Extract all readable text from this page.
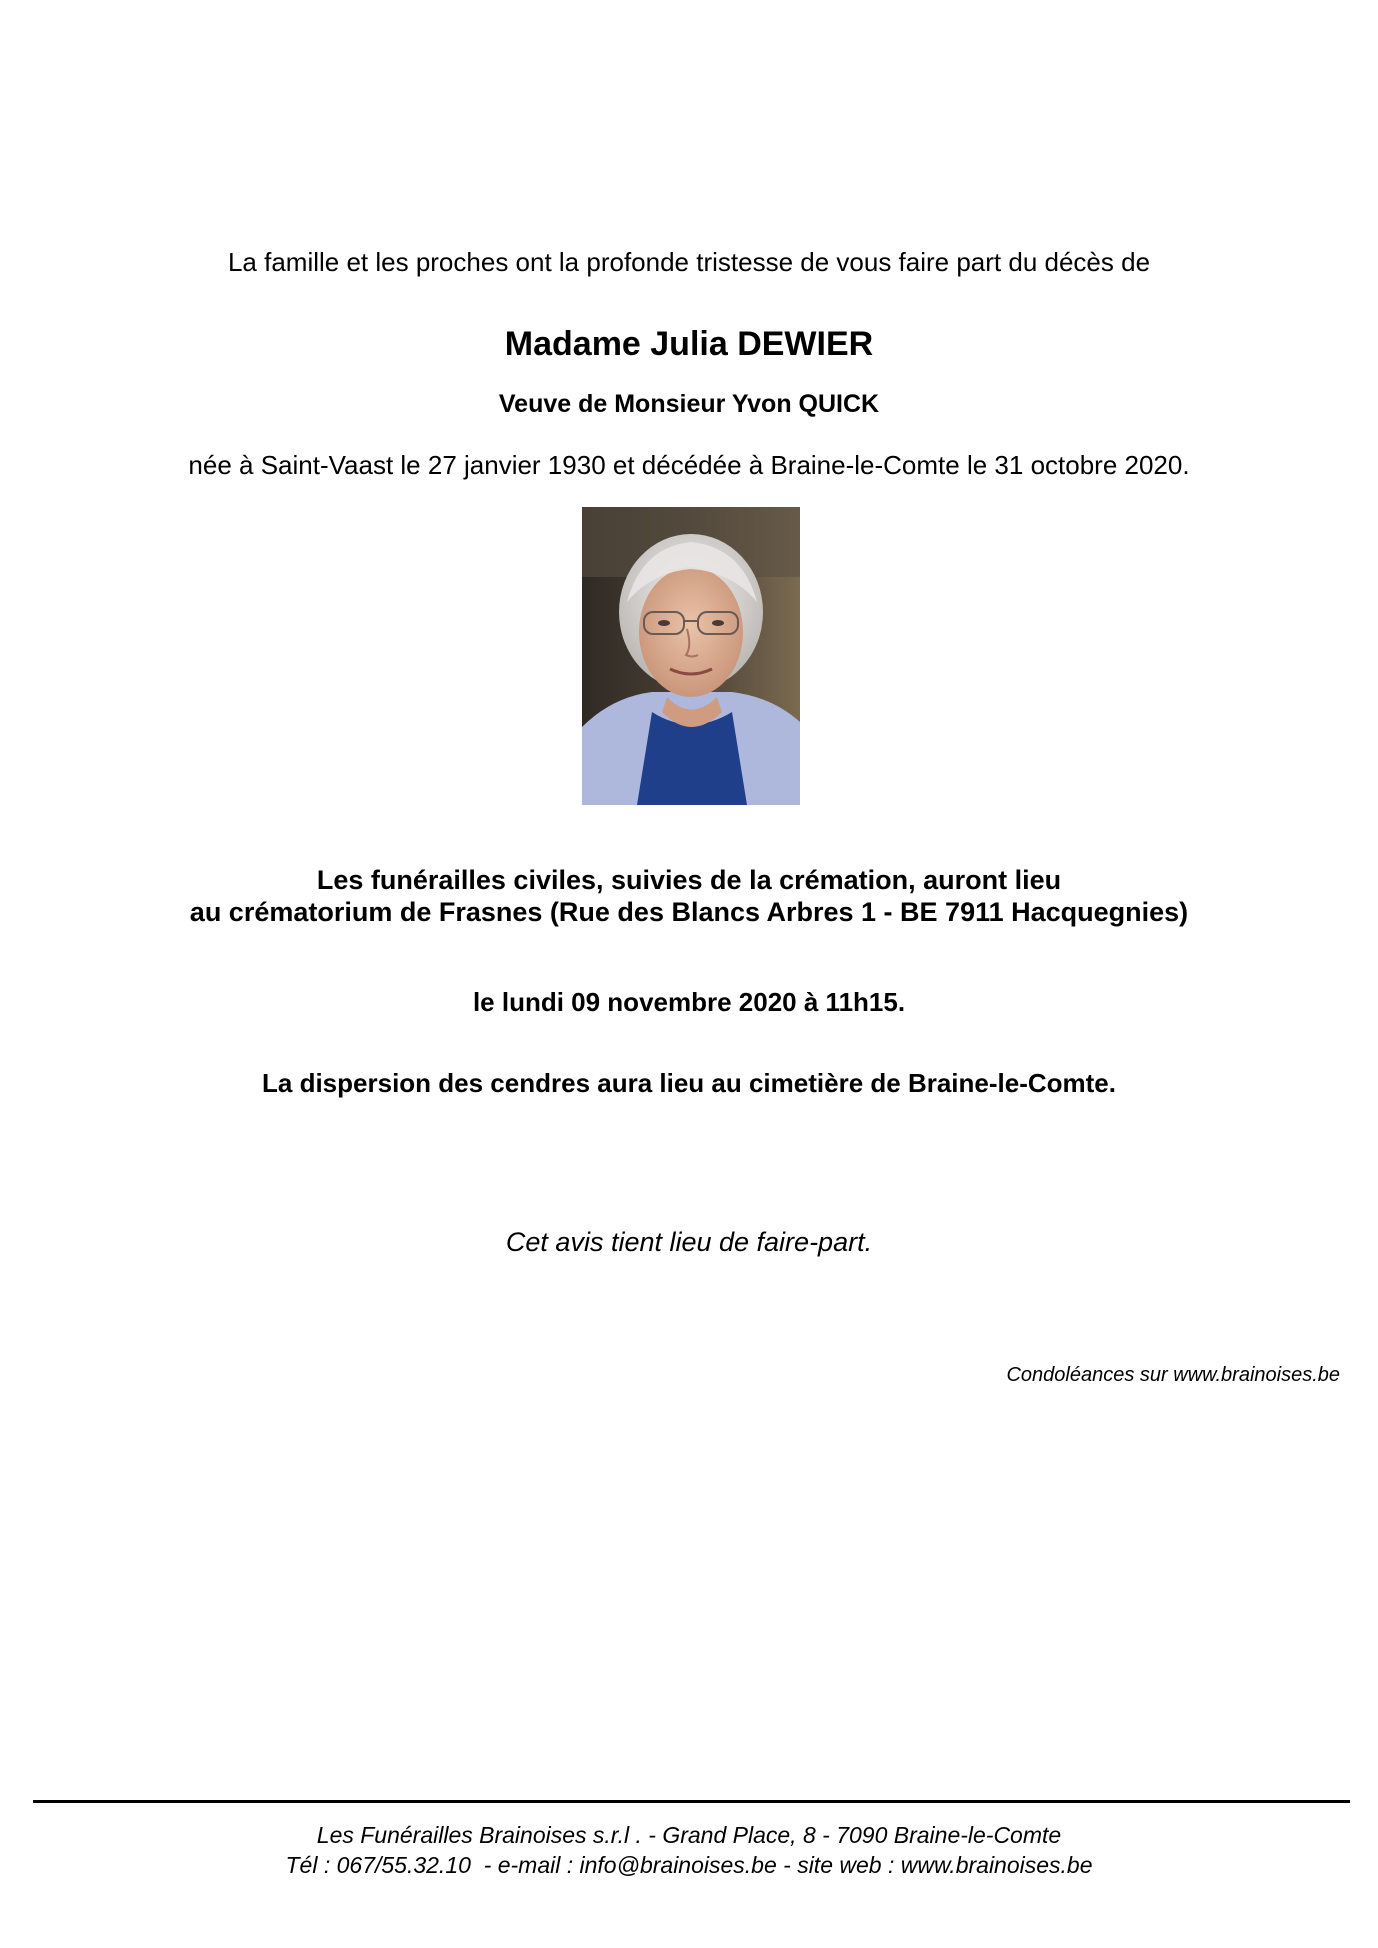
La famille et les proches ont la profonde tristesse de vous faire part du décès de
Madame Julia DEWIER
Veuve de Monsieur Yvon QUICK
née à Saint-Vaast le 27 janvier 1930 et décédée à Braine-le-Comte le 31 octobre 2020.
Les funérailles civiles, suivies de la crémation, auront lieu
au crématorium de Frasnes (Rue des Blancs Arbres 1 - BE 7911 Hacquegnies)
le lundi 09 novembre 2020 à 11h15.
La dispersion des cendres aura lieu au cimetière de Braine-le-Comte.
Cet avis tient lieu de faire-part.
Condoléances sur www.brainoises.be
Les Funérailles Brainoises s.r.l . - Grand Place, 8 - 7090 Braine-le-Comte
Tél : 067/55.32.10  - e-mail : info@brainoises.be - site web : www.brainoises.be
